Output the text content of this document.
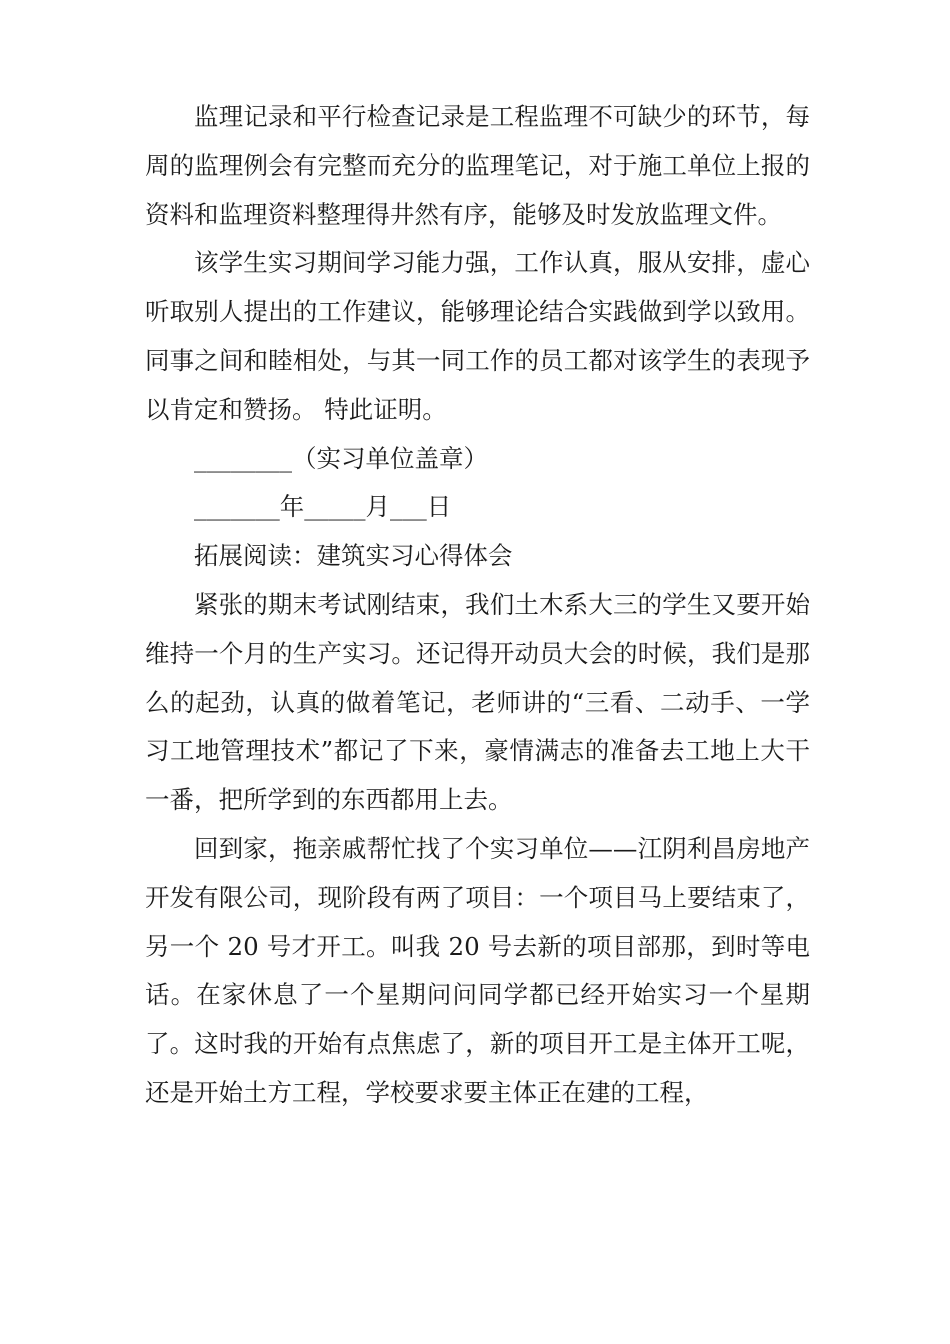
监理记录和平行检查记录是工程监理不可缺少的环节，每周的监理例会有完整而充分的监理笔记，对于施工单位上报的资料和监理资料整理得井然有序，能够及时发放监理文件。

该学生实习期间学习能力强，工作认真，服从安排，虚心听取别人提出的工作建议，能够理论结合实践做到学以致用。同事之间和睦相处，与其一同工作的员工都对该学生的表现予以肯定和赞扬。 特此证明。

________（实习单位盖章）

_______年_____月___日

拓展阅读：建筑实习心得体会

紧张的期末考试刚结束，我们土木系大三的学生又要开始维持一个月的生产实习。还记得开动员大会的时候，我们是那么的起劲，认真的做着笔记，老师讲的“三看、二动手、一学习工地管理技术”都记了下来，豪情满志的准备去工地上大干一番，把所学到的东西都用上去。

回到家，拖亲戚帮忙找了个实习单位——江阴利昌房地产开发有限公司，现阶段有两了项目：一个项目马上要结束了，另一个 20 号才开工。叫我 20 号去新的项目部那，到时等电话。在家休息了一个星期问问同学都已经开始实习一个星期了。这时我的开始有点焦虑了，新的项目开工是主体开工呢，还是开始土方工程，学校要求要主体正在建的工程，
